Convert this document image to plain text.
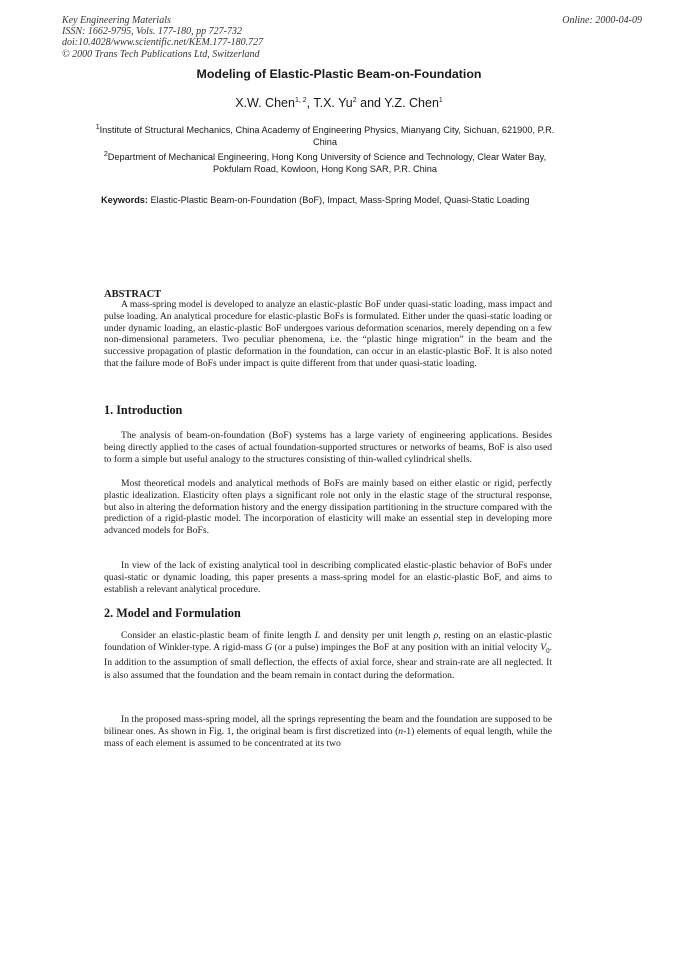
Key Engineering Materials
ISSN: 1662-9795, Vols. 177-180, pp 727-732
doi:10.4028/www.scientific.net/KEM.177-180.727
© 2000 Trans Tech Publications Ltd, Switzerland
Online: 2000-04-09
Modeling of Elastic-Plastic Beam-on-Foundation
X.W. Chen$^{1, 2}$, T.X. Yu$^2$ and Y.Z. Chen$^1$
$^1$Institute of Structural Mechanics, China Academy of Engineering Physics, Mianyang City, Sichuan, 621900, P.R. China
$^2$Department of Mechanical Engineering, Hong Kong University of Science and Technology, Clear Water Bay, Pokfulam Road, Kowloon, Hong Kong SAR, P.R. China
Keywords: Elastic-Plastic Beam-on-Foundation (BoF), Impact, Mass-Spring Model, Quasi-Static Loading
ABSTRACT
A mass-spring model is developed to analyze an elastic-plastic BoF under quasi-static loading, mass impact and pulse loading. An analytical procedure for elastic-plastic BoFs is formulated. Either under the quasi-static loading or under dynamic loading, an elastic-plastic BoF undergoes various deformation scenarios, merely depending on a few non-dimensional parameters. Two peculiar phenomena, i.e. the “plastic hinge migration” in the beam and the successive propagation of plastic deformation in the foundation, can occur in an elastic-plastic BoF. It is also noted that the failure mode of BoFs under impact is quite different from that under quasi-static loading.
1. Introduction
The analysis of beam-on-foundation (BoF) systems has a large variety of engineering applications. Besides being directly applied to the cases of actual foundation-supported structures or networks of beams, BoF is also used to form a simple but useful analogy to the structures consisting of thin-walled cylindrical shells.
Most theoretical models and analytical methods of BoFs are mainly based on either elastic or rigid, perfectly plastic idealization. Elasticity often plays a significant role not only in the elastic stage of the structural response, but also in altering the deformation history and the energy dissipation partitioning in the structure compared with the prediction of a rigid-plastic model. The incorporation of elasticity will make an essential step in developing more advanced models for BoFs.
In view of the lack of existing analytical tool in describing complicated elastic-plastic behavior of BoFs under quasi-static or dynamic loading, this paper presents a mass-spring model for an elastic-plastic BoF, and aims to establish a relevant analytical procedure.
2. Model and Formulation
Consider an elastic-plastic beam of finite length L and density per unit length ρ, resting on an elastic-plastic foundation of Winkler-type. A rigid-mass G (or a pulse) impinges the BoF at any position with an initial velocity $V_0$. In addition to the assumption of small deflection, the effects of axial force, shear and strain-rate are all neglected. It is also assumed that the foundation and the beam remain in contact during the deformation.
In the proposed mass-spring model, all the springs representing the beam and the foundation are supposed to be bilinear ones. As shown in Fig. 1, the original beam is first discretized into (n-1) elements of equal length, while the mass of each element is assumed to be concentrated at its two
